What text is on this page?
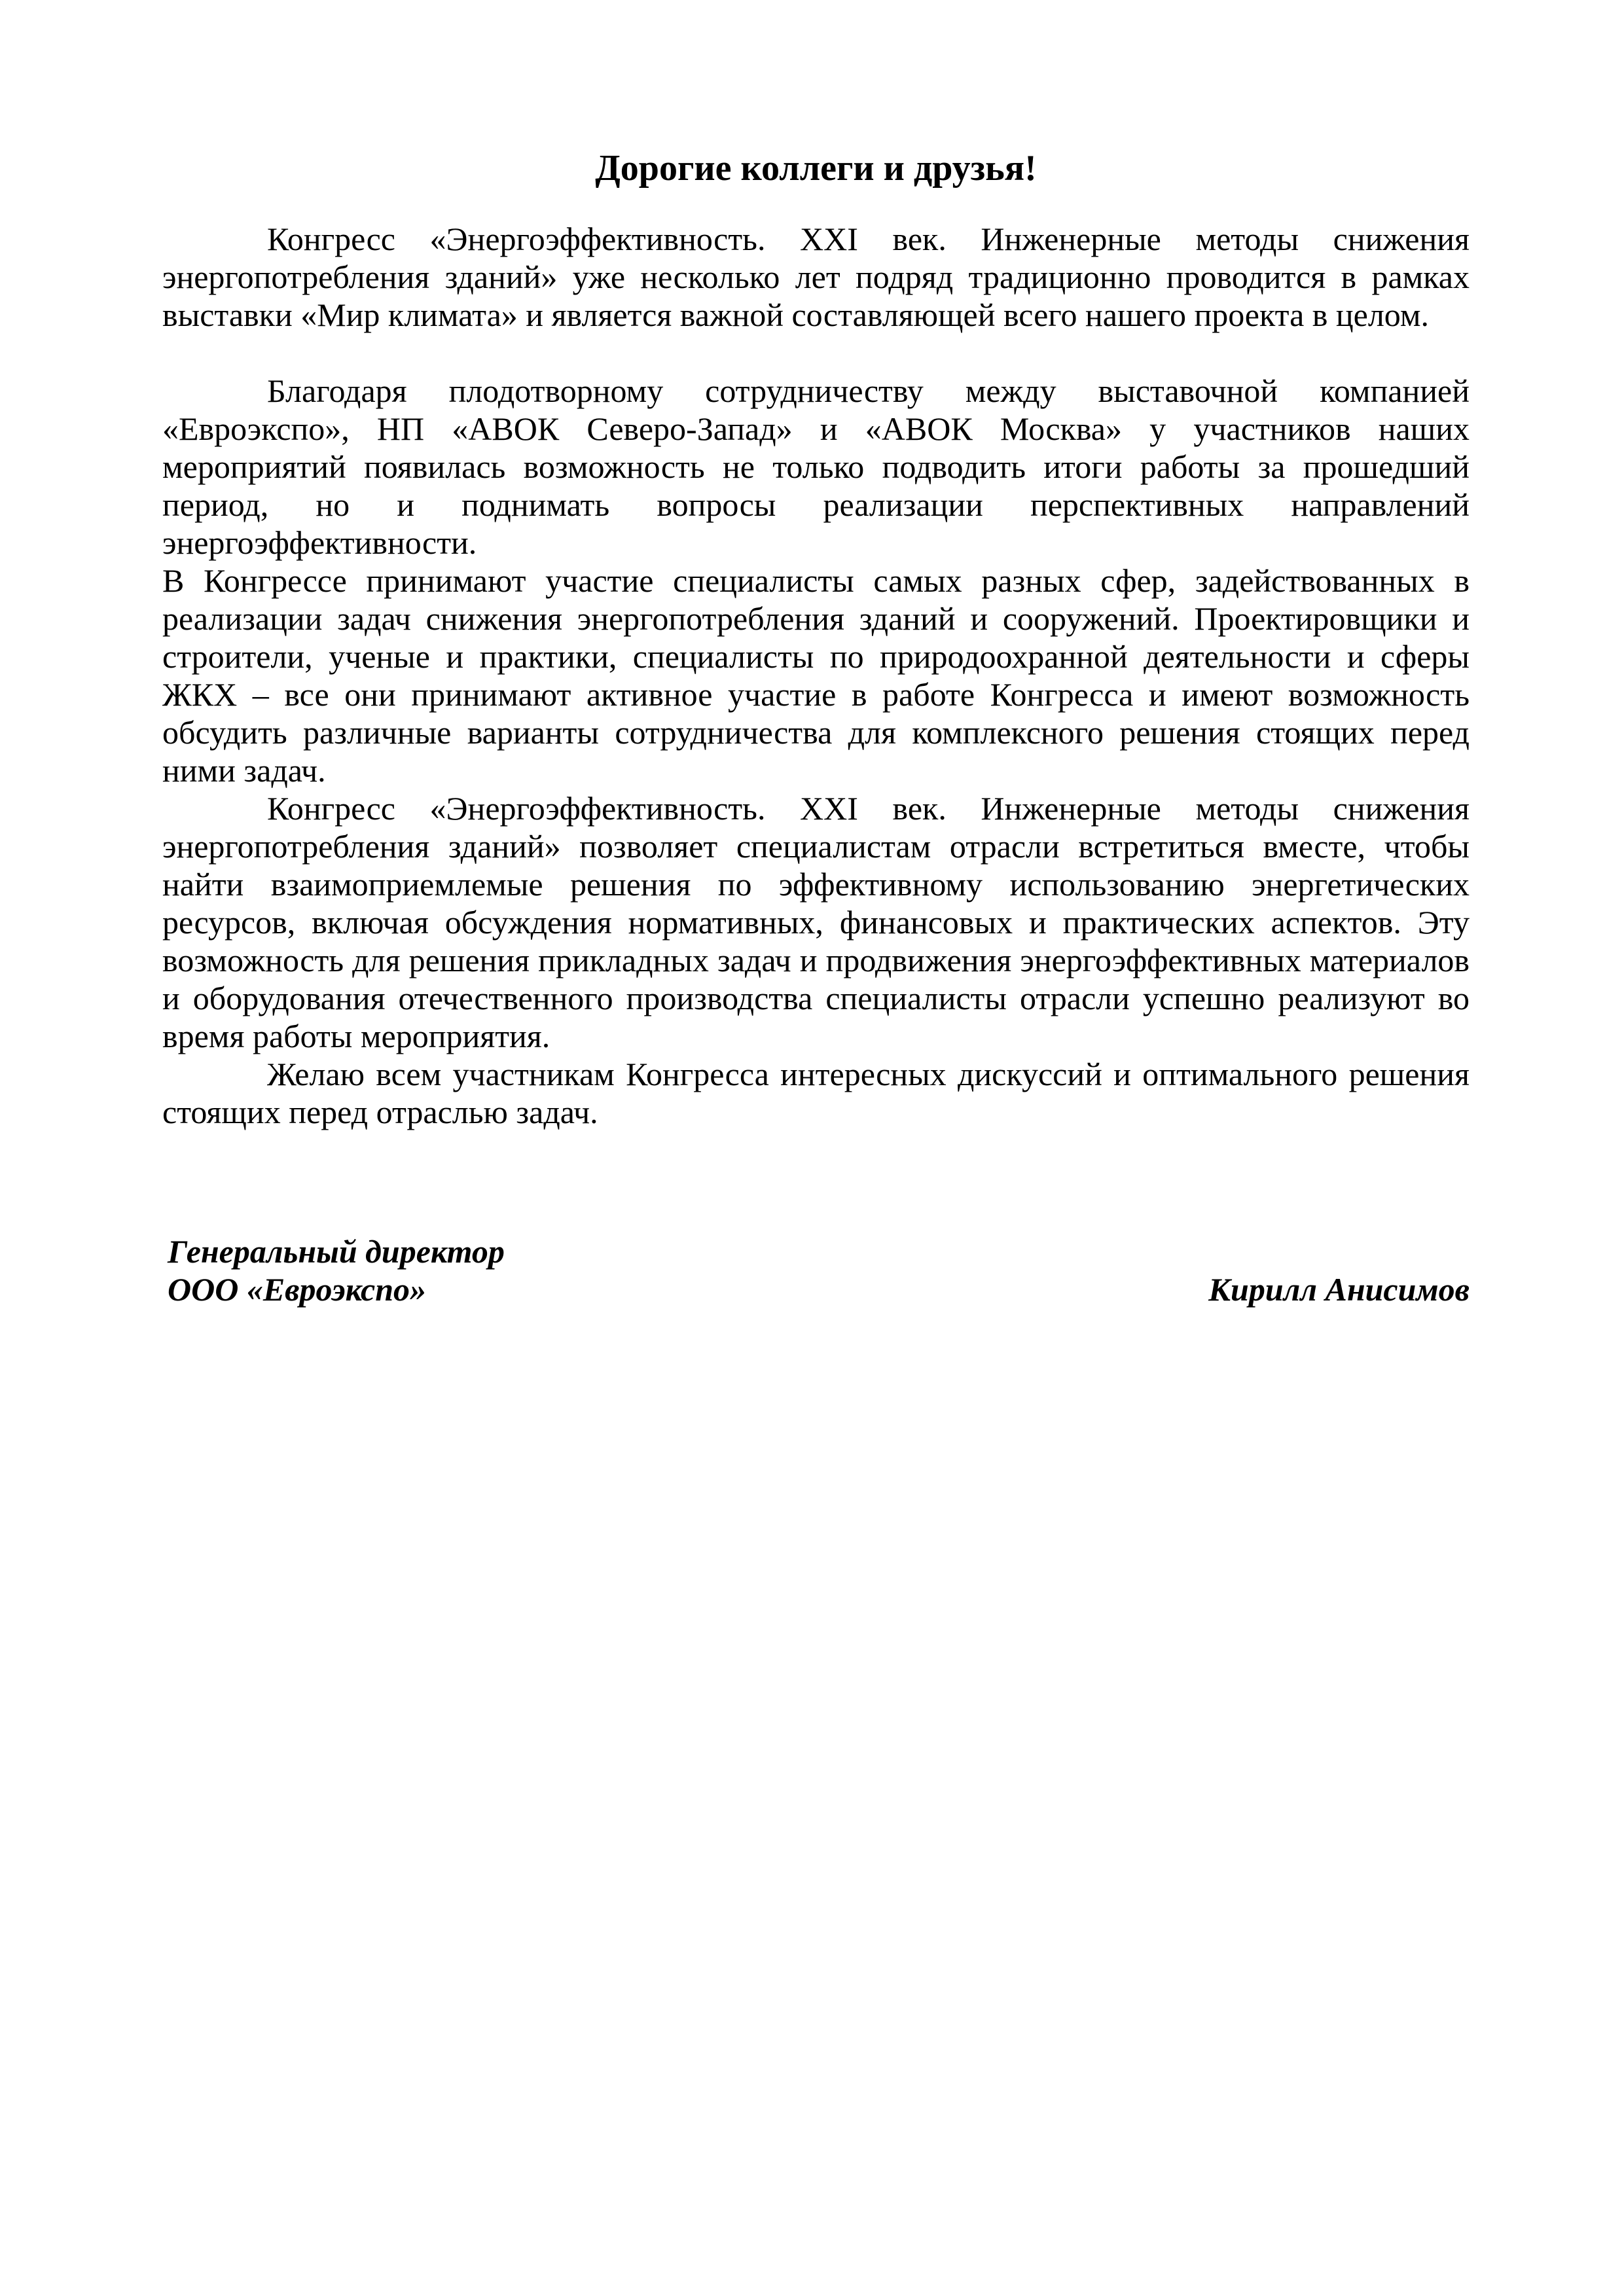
Дорогие коллеги и друзья!

Конгресс «Энергоэффективность. XXI век. Инженерные методы снижения энергопотребления зданий» уже несколько лет подряд традиционно проводится в рамках выставки «Мир климата» и является важной составляющей всего нашего проекта в целом.

Благодаря плодотворному сотрудничеству между выставочной компанией «Евроэкспо», НП «АВОК Северо-Запад» и «АВОК Москва» у участников наших мероприятий появилась возможность не только подводить итоги работы за прошедший период, но и поднимать вопросы реализации перспективных направлений энергоэффективности.

В Конгрессе принимают участие специалисты самых разных сфер, задействованных в реализации задач снижения энергопотребления зданий и сооружений. Проектировщики и строители, ученые и практики, специалисты по природоохранной деятельности и сферы ЖКХ – все они принимают активное участие в работе Конгресса и имеют возможность обсудить различные варианты сотрудничества для комплексного решения стоящих перед ними задач.

Конгресс «Энергоэффективность. XXI век. Инженерные методы снижения энергопотребления зданий» позволяет специалистам отрасли встретиться вместе, чтобы найти взаимоприемлемые решения по эффективному использованию энергетических ресурсов, включая обсуждения нормативных, финансовых и практических аспектов. Эту возможность для решения прикладных задач и продвижения энергоэффективных материалов и оборудования отечественного производства специалисты отрасли успешно реализуют во время работы мероприятия.

Желаю всем участникам Конгресса интересных дискуссий и оптимального решения стоящих перед отраслью задач.

Генеральный директор
ООО «Евроэкспо»	Кирилл Анисимов
